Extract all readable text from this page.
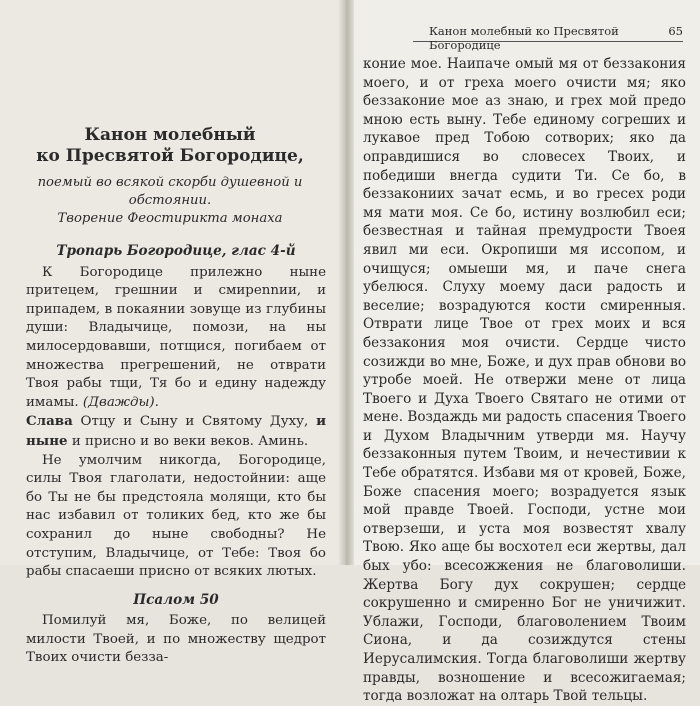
Канон молебный
ко Пресвятой Богородице,
поемый во всякой скорби душевной и обстоянии.
Творение Феостирикта монаха
Тропарь Богородице, глас 4-й

К Богородице прилежно ныне притецем, грешнии и смирennии, и припадем, в покаянии зовуще из глубины души: Владычице, помози, на ны милосердовавши, потщися, погибаем от множества прегрешений, не отврати Твоя рабы тщи, Тя бо и едину надежду имамы. (Дважды).

Слава Отцу и Сыну и Святому Духу, и ныне и присно и во веки веков. Аминь.

Не умолчим никогда, Богородице, силы Твоя глаголати, недостойнии: аще бо Ты не бы предстояла молящи, кто бы нас избавил от толиких бед, кто же бы сохранил до ныне свободны? Не отступим, Владычице, от Тебе: Твоя бо рабы спасаеши присно от всяких лютых.

Псалом 50

Помилуй мя, Боже, по велицей милости Твоей, и по множеству щедрот Твоих очисти безза-

Канон молебный ко Пресвятой Богородице
65

кониe мое. Наипаче омый мя от беззакония моего, и от греха моего очисти мя; яко беззаконие мое аз знаю, и грех мой предо мною есть выну. Тебе единому согреших и лукавое пред Тобою сотворих; яко да оправдишися во словесех Твоих, и победиши внегда судити Ти. Се бо, в беззакониих зачат есмь, и во гресех роди мя мати моя. Се бо, истину возлюбил еси; безвестная и тайная премудрости Твоея явил ми еси. Окропиши мя иссопом, и очищуся; омыеши мя, и паче снега убелюся. Слуху моему даси радость и веселие; возрадуются кости смиренныя. Отврати лице Твое от грех моих и вся беззакония моя очисти. Сердце чисто созижди во мне, Боже, и дух прав обнови во утробе моей. Не отвержи мене от лица Твоего и Духа Твоего Святаго не отими от мене. Воздаждь ми радость спасения Твоего и Духом Владычним утверди мя. Научу беззаконныя путем Твоим, и нечестивии к Тебе обратятся. Избави мя от кровей, Боже, Боже спасения моего; возрадуется язык мой правде Твоей. Господи, устне мои отверзеши, и уста моя возвестят хвалу Твою. Яко аще бы восхотел еси жертвы, дал бых убо: всесожжения не благоволиши. Жертва Богу дух сокрушен; сердце сокрушенно и смиренно Бог не уничижит. Ублажи, Господи, благоволением Твоим Сиона, и да созиждутся стены Иерусалимския. Тогда благоволиши жертву правды, возношение и всесожигаемая; тогда возложат на олтарь Твой тельцы.
